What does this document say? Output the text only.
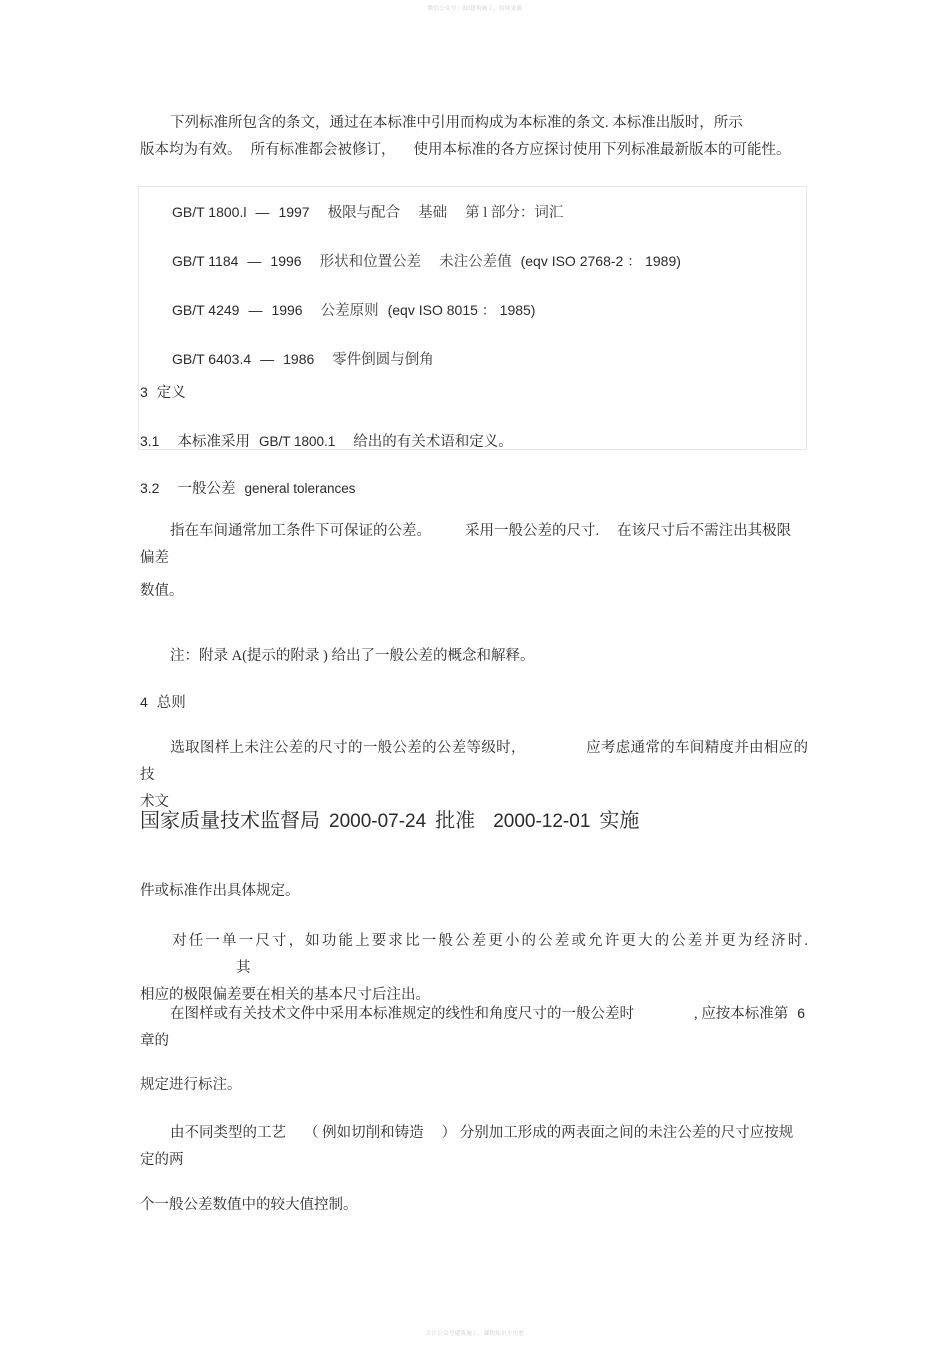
微信公众号：3D建筑施工，持续更新
关注公众号建筑施工，课程知识不用愁

下列标准所包含的条文，通过在本标准中引用而构成为本标准的条文. 本标准出版时，所示

版本均为有效。 所有标准都会被修订， 使用本标准的各方应探讨使用下列标准最新版本的可能性。

GB/T 1800.l — 1997 极限与配合 基础 第 l 部分：词汇
GB/T 1184 — 1996 形状和位置公差 未注公差值 (eqv ISO 2768-2 ： 1989)
GB/T 4249 — 1996 公差原则 (eqv ISO 8015 ： 1985)
GB/T 6403.4 — 1986 零件倒圆与倒角
3 定义
3.1 本标准采用 GB/T 1800.1 给出的有关术语和定义。
3.2 一般公差 general tolerances

指在车间通常加工条件下可保证的公差。 采用一般公差的尺寸. 在该尺寸后不需注出其极限

偏差

数值。

注：附录 A(提示的附录 ) 给出了一般公差的概念和解释。

4 总则

选取图样上未注公差的尺寸的一般公差的公差等级时，	应考虑通常的车间精度并由相应的技

术文

国家质量技术监督局 2000‑07‑24 批准 2000‑12‑01 实施

件或标准作出具体规定。

对任一单一尺寸，如功能上要求比一般公差更小的公差或允许更大的公差并更为经济时.其

相应的极限偏差要在相关的基本尺寸后注出。

在图样或有关技术文件中采用本标准规定的线性和角度尺寸的一般公差时	, 应按本标准第 6

章的

规定进行标注。

由不同类型的工艺 （ 例如切削和铸造 ） 分别加工形成的两表面之间的未注公差的尺寸应按规

定的两

个一般公差数值中的较大值控制。
